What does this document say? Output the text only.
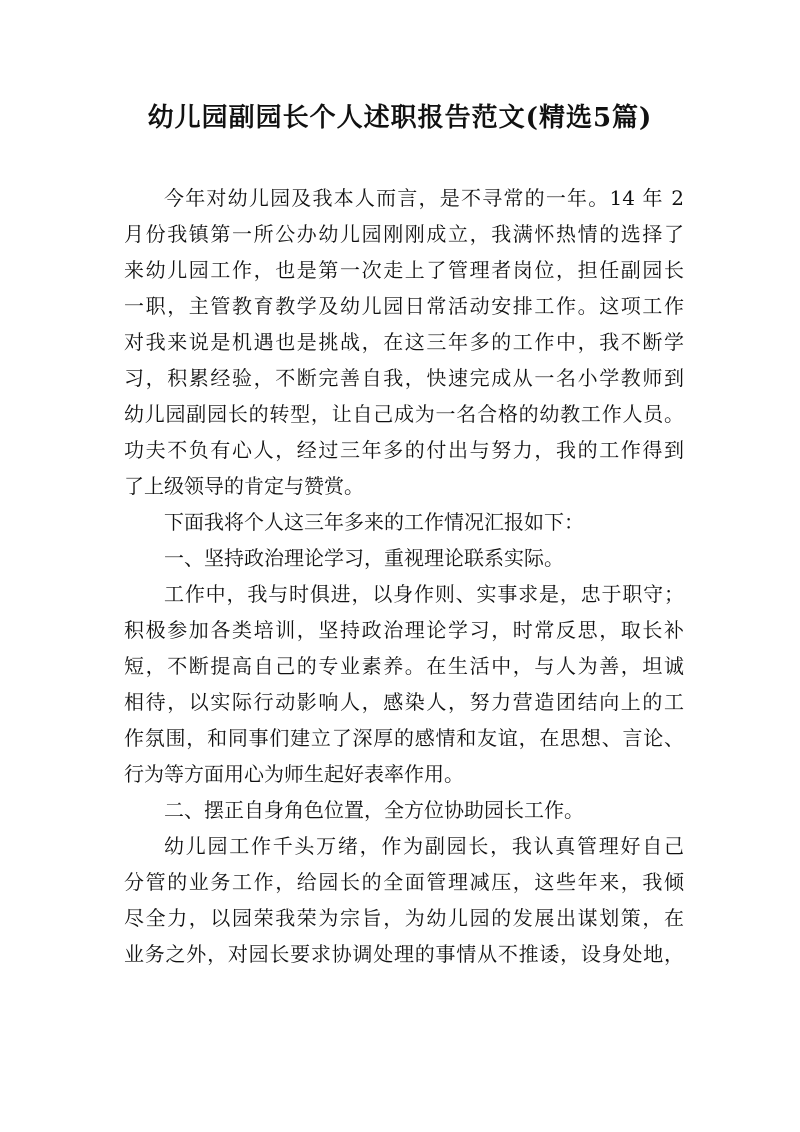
幼儿园副园长个人述职报告范文(精选5篇)
今年对幼儿园及我本人而言，是不寻常的一年。14 年 2
月份我镇第一所公办幼儿园刚刚成立，我满怀热情的选择了
来幼儿园工作，也是第一次走上了管理者岗位，担任副园长
一职，主管教育教学及幼儿园日常活动安排工作。这项工作
对我来说是机遇也是挑战，在这三年多的工作中，我不断学
习，积累经验，不断完善自我，快速完成从一名小学教师到
幼儿园副园长的转型，让自己成为一名合格的幼教工作人员。
功夫不负有心人，经过三年多的付出与努力，我的工作得到
了上级领导的肯定与赞赏。
下面我将个人这三年多来的工作情况汇报如下：
一、坚持政治理论学习，重视理论联系实际。
工作中，我与时俱进，以身作则、实事求是，忠于职守；
积极参加各类培训，坚持政治理论学习，时常反思，取长补
短，不断提高自己的专业素养。在生活中，与人为善，坦诚
相待，以实际行动影响人，感染人，努力营造团结向上的工
作氛围，和同事们建立了深厚的感情和友谊，在思想、言论、
行为等方面用心为师生起好表率作用。
二、摆正自身角色位置，全方位协助园长工作。
幼儿园工作千头万绪，作为副园长，我认真管理好自己
分管的业务工作，给园长的全面管理减压，这些年来，我倾
尽全力，以园荣我荣为宗旨，为幼儿园的发展出谋划策，在
业务之外，对园长要求协调处理的事情从不推诿，设身处地，
